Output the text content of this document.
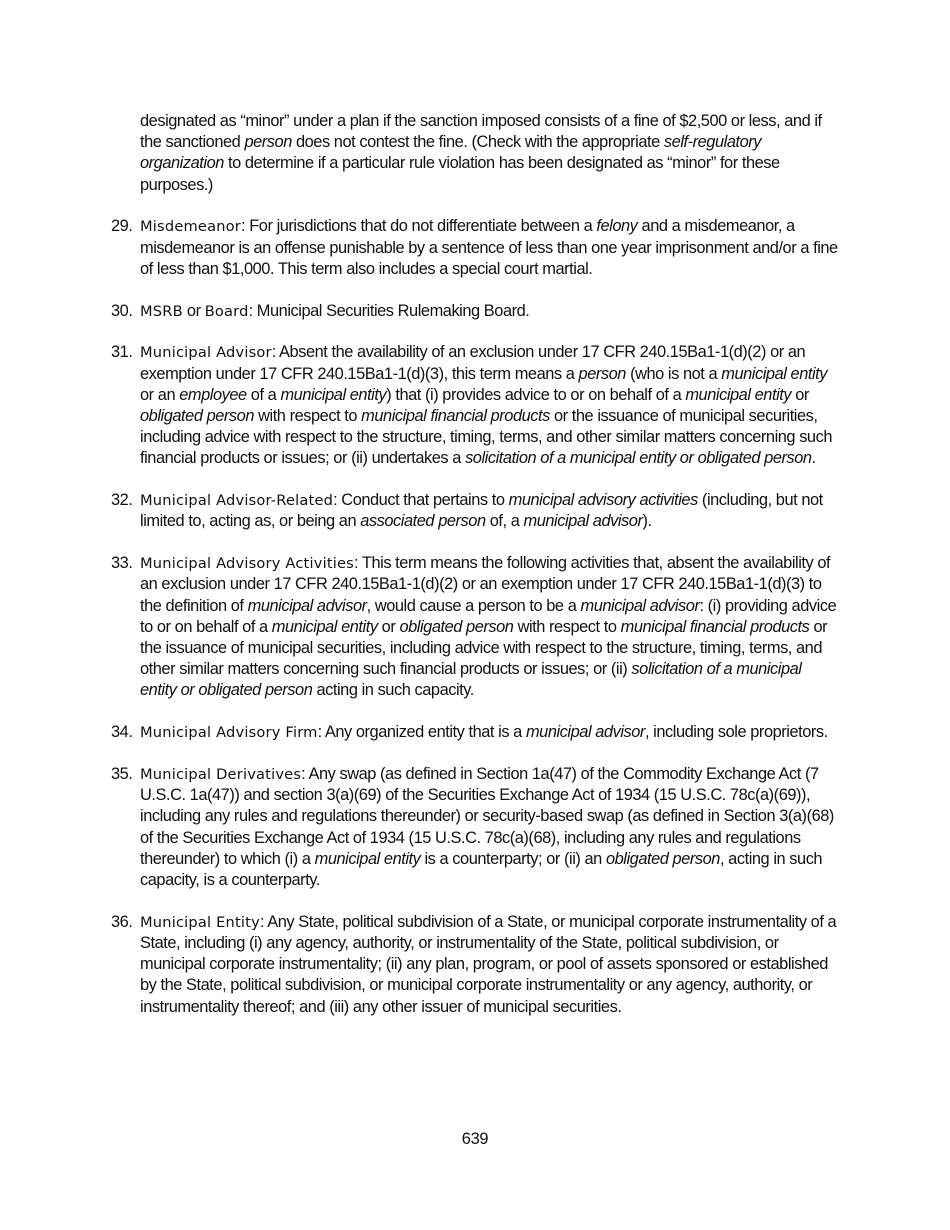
designated as “minor” under a plan if the sanction imposed consists of a fine of $2,500 or less, and if the sanctioned person does not contest the fine. (Check with the appropriate self-regulatory organization to determine if a particular rule violation has been designated as “minor” for these purposes.)

29. Misdemeanor: For jurisdictions that do not differentiate between a felony and a misdemeanor, a misdemeanor is an offense punishable by a sentence of less than one year imprisonment and/or a fine of less than $1,000. This term also includes a special court martial.
30. MSRB or Board: Municipal Securities Rulemaking Board.
31. Municipal Advisor: Absent the availability of an exclusion under 17 CFR 240.15Ba1-1(d)(2) or an exemption under 17 CFR 240.15Ba1-1(d)(3), this term means a person (who is not a municipal entity or an employee of a municipal entity) that (i) provides advice to or on behalf of a municipal entity or obligated person with respect to municipal financial products or the issuance of municipal securities, including advice with respect to the structure, timing, terms, and other similar matters concerning such financial products or issues; or (ii) undertakes a solicitation of a municipal entity or obligated person.
32. Municipal Advisor-Related: Conduct that pertains to municipal advisory activities (including, but not limited to, acting as, or being an associated person of, a municipal advisor).
33. Municipal Advisory Activities: This term means the following activities that, absent the availability of an exclusion under 17 CFR 240.15Ba1-1(d)(2) or an exemption under 17 CFR 240.15Ba1-1(d)(3) to the definition of municipal advisor, would cause a person to be a municipal advisor: (i) providing advice to or on behalf of a municipal entity or obligated person with respect to municipal financial products or the issuance of municipal securities, including advice with respect to the structure, timing, terms, and other similar matters concerning such financial products or issues; or (ii) solicitation of a municipal entity or obligated person acting in such capacity.
34. Municipal Advisory Firm: Any organized entity that is a municipal advisor, including sole proprietors.
35. Municipal Derivatives: Any swap (as defined in Section 1a(47) of the Commodity Exchange Act (7 U.S.C. 1a(47)) and section 3(a)(69) of the Securities Exchange Act of 1934 (15 U.S.C. 78c(a)(69)), including any rules and regulations thereunder) or security-based swap (as defined in Section 3(a)(68) of the Securities Exchange Act of 1934 (15 U.S.C. 78c(a)(68), including any rules and regulations thereunder) to which (i) a municipal entity is a counterparty; or (ii) an obligated person, acting in such capacity, is a counterparty.
36. Municipal Entity: Any State, political subdivision of a State, or municipal corporate instrumentality of a State, including (i) any agency, authority, or instrumentality of the State, political subdivision, or municipal corporate instrumentality; (ii) any plan, program, or pool of assets sponsored or established by the State, political subdivision, or municipal corporate instrumentality or any agency, authority, or instrumentality thereof; and (iii) any other issuer of municipal securities.
639
